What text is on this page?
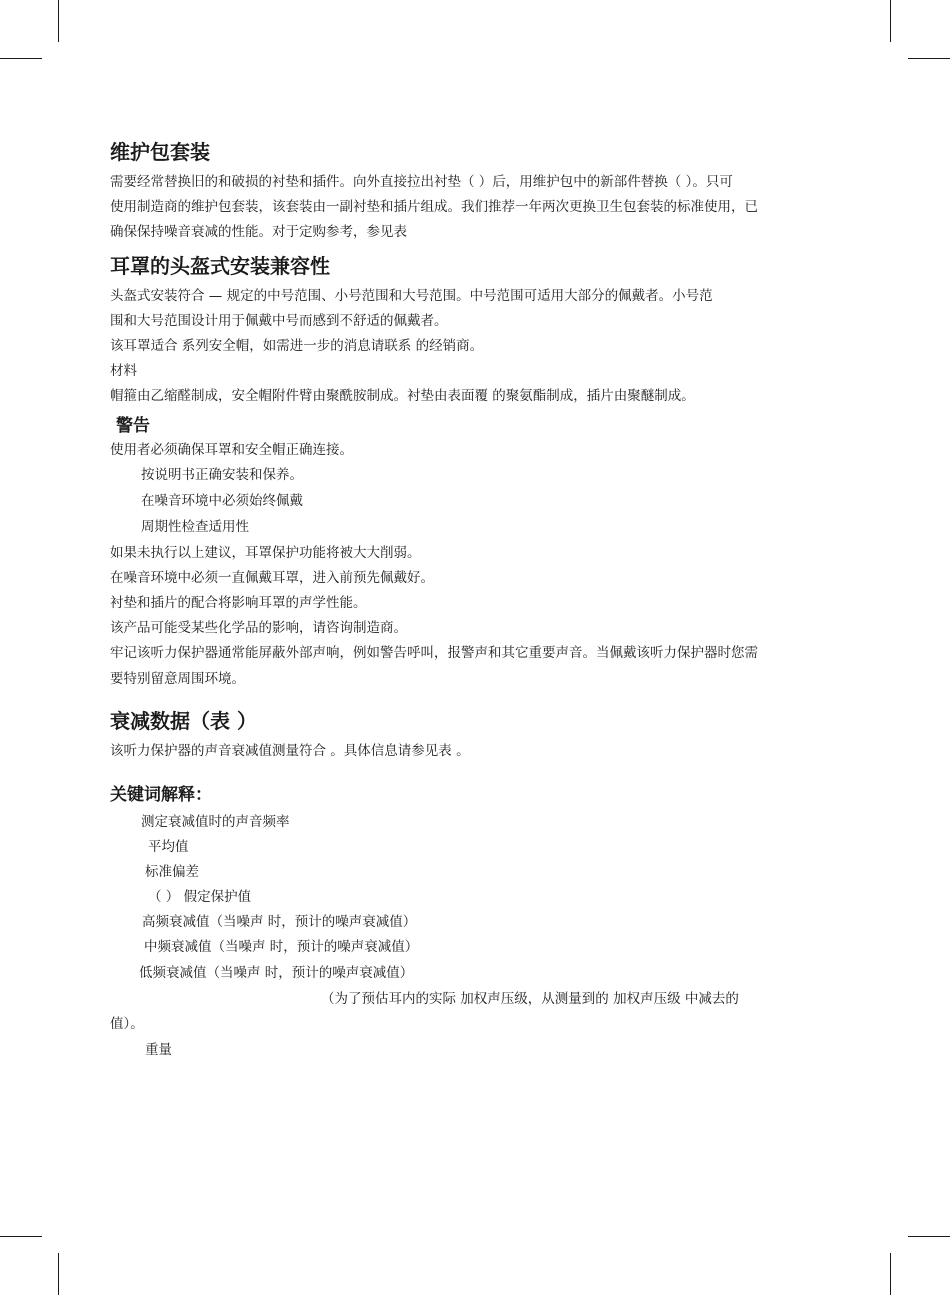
维护包套装
需要经常替换旧的和破损的衬垫和插件。向外直接拉出衬垫（ ）后，用维护包中的新部件替换（ ）。只可
使用制造商的维护包套装，该套装由一副衬垫和插片组成。我们推荐一年两次更换卫生包套装的标准使用，已
确保保持噪音衰减的性能。对于定购参考，参见表
耳罩的头盔式安装兼容性
头盔式安装符合 — 规定的中号范围、小号范围和大号范围。中号范围可适用大部分的佩戴者。小号范
围和大号范围设计用于佩戴中号而感到不舒适的佩戴者。
该耳罩适合 系列安全帽，如需进一步的消息请联系 的经销商。
材料
帽箍由乙缩醛制成，安全帽附件臂由聚酰胺制成。衬垫由表面覆 的聚氨酯制成，插片由聚醚制成。
警告
使用者必须确保耳罩和安全帽正确连接。
按说明书正确安装和保养。
在噪音环境中必须始终佩戴
周期性检查适用性
如果未执行以上建议，耳罩保护功能将被大大削弱。
在噪音环境中必须一直佩戴耳罩，进入前预先佩戴好。
衬垫和插片的配合将影响耳罩的声学性能。
该产品可能受某些化学品的影响，请咨询制造商。
牢记该听力保护器通常能屏蔽外部声响，例如警告呼叫，报警声和其它重要声音。当佩戴该听力保护器时您需
要特别留意周围环境。
衰减数据（表 ）
该听力保护器的声音衰减值测量符合 。具体信息请参见表 。
关键词解释：
测定衰减值时的声音频率
平均值
标准偏差
（ ） 假定保护值
高频衰减值（当噪声 时，预计的噪声衰减值）
中频衰减值（当噪声 时，预计的噪声衰减值）
低频衰减值（当噪声 时，预计的噪声衰减值）
（为了预估耳内的实际 加权声压级，从测量到的 加权声压级 中减去的
值）。
重量
